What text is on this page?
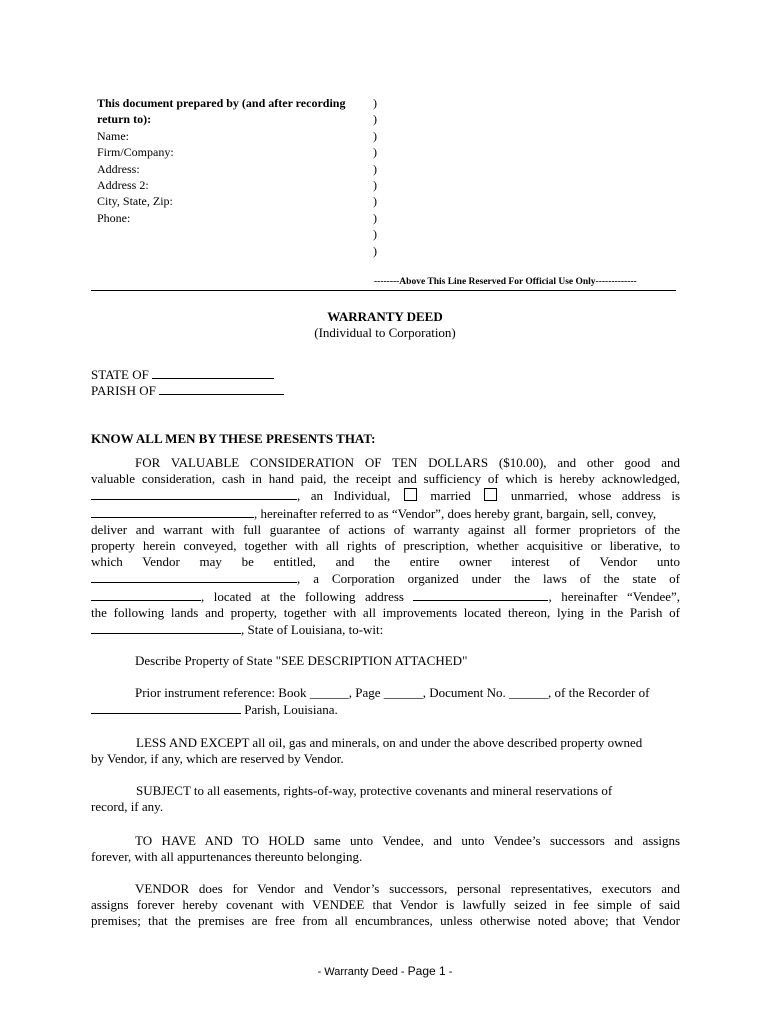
This document prepared by (and after recording
return to):
Name:
Firm/Company:
Address:
Address 2:
City, State, Zip:
Phone:
)
)
)
)
)
)
)
)
)
)
--------Above This Line Reserved For Official Use Only-------------
WARRANTY DEED
(Individual to Corporation)
STATE OF
PARISH OF
KNOW ALL MEN BY THESE PRESENTS THAT:
FOR VALUABLE CONSIDERATION OF TEN DOLLARS ($10.00), and other good and
valuable consideration, cash in hand paid, the receipt and sufficiency of which is hereby acknowledged,
, an Individual,	married	unmarried, whose address is
, hereinafter referred to as “Vendor”, does hereby grant, bargain, sell, convey,
deliver and warrant with full guarantee of actions of warranty against all former proprietors of the
property herein conveyed, together with all rights of prescription, whether acquisitive or liberative, to
which Vendor may be entitled, and the entire owner interest of Vendor unto
, a Corporation organized under the laws of the state of
, located at the following address	, hereinafter “Vendee”,
the following lands and property, together with all improvements located thereon, lying in the Parish of
, State of Louisiana, to-wit:
Describe Property of State "SEE DESCRIPTION ATTACHED"
Prior instrument reference: Book ______, Page ______, Document No. ______, of the Recorder of
Parish, Louisiana.
LESS AND EXCEPT all oil, gas and minerals, on and under the above described property owned
by Vendor, if any, which are reserved by Vendor.
SUBJECT to all easements, rights-of-way, protective covenants and mineral reservations of
record, if any.
TO HAVE AND TO HOLD same unto Vendee, and unto Vendee’s successors and assigns
forever, with all appurtenances thereunto belonging.
VENDOR does for Vendor and Vendor’s successors, personal representatives, executors and
assigns forever hereby covenant with VENDEE that Vendor is lawfully seized in fee simple of said
premises; that the premises are free from all encumbrances, unless otherwise noted above; that Vendor
- Warranty Deed - Page 1 -
